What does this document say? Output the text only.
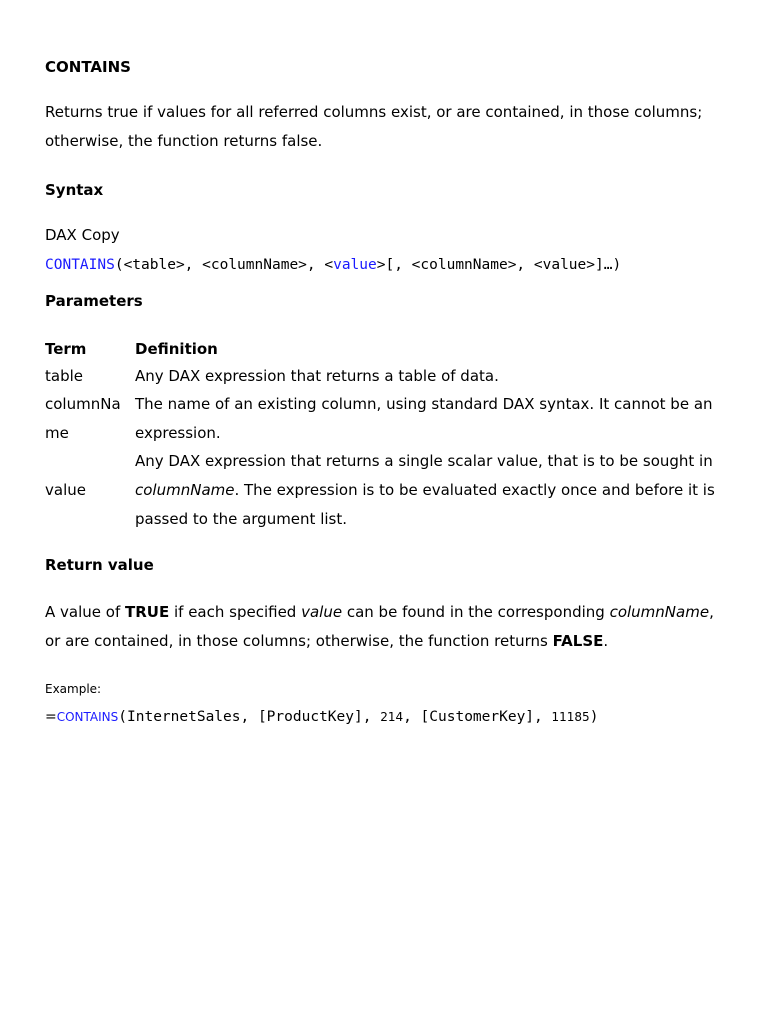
CONTAINS
Returns true if values for all referred columns exist, or are contained, in those columns;
otherwise, the function returns false.
Syntax
DAX Copy
CONTAINS(<table>, <columnName>, <value>[, <columnName>, <value>]…)
Parameters
Term	Definition
table	Any DAX expression that returns a table of data.
columnNa
me
The name of an existing column, using standard DAX syntax. It cannot be an
expression.
value
Any DAX expression that returns a single scalar value, that is to be sought in
columnName. The expression is to be evaluated exactly once and before it is
passed to the argument list.
Return value
A value of TRUE if each specified value can be found in the corresponding columnName,
or are contained, in those columns; otherwise, the function returns FALSE.
Example:
=CONTAINS(InternetSales, [ProductKey], 214, [CustomerKey], 11185)
